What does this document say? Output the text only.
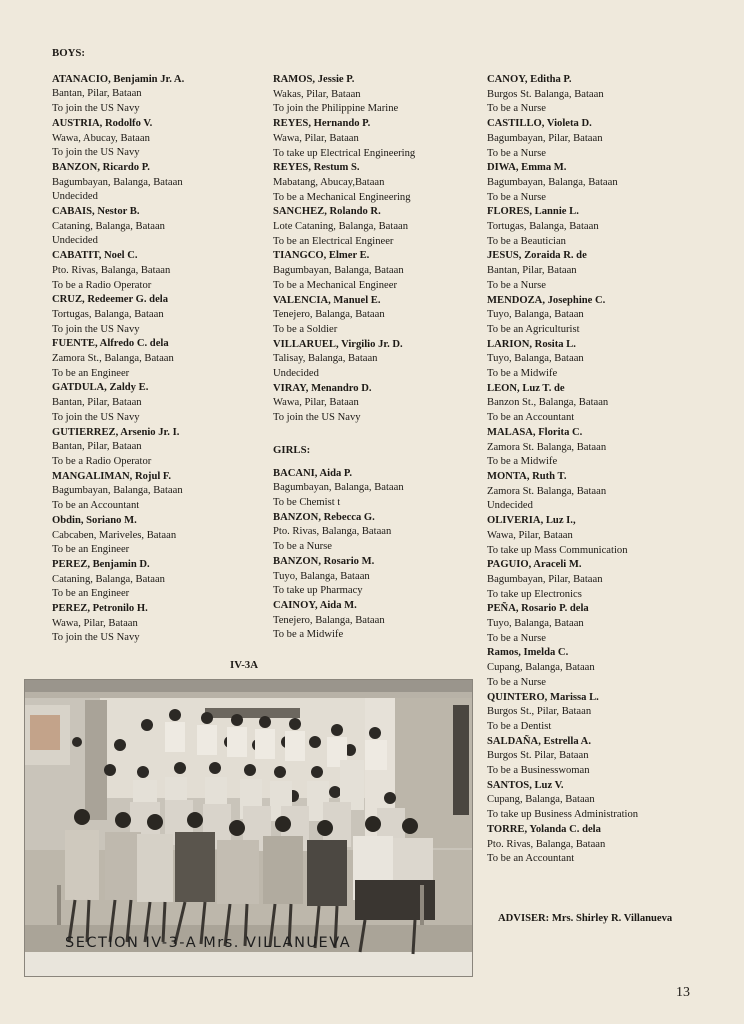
BOYS:
ATANACIO, Benjamin Jr. A.
Bantan, Pilar, Bataan
To join the US Navy
AUSTRIA, Rodolfo V.
Wawa, Abucay, Bataan
To join the US Navy
BANZON, Ricardo P.
Bagumbayan, Balanga, Bataan
Undecided
CABAIS, Nestor B.
Cataning, Balanga, Bataan
Undecided
CABATIT, Noel C.
Pto. Rivas, Balanga, Bataan
To be a Radio Operator
CRUZ, Redeemer G. dela
Tortugas, Balanga, Bataan
To join the US Navy
FUENTE, Alfredo C. dela
Zamora St., Balanga, Bataan
To be an Engineer
GATDULA, Zaldy E.
Bantan, Pilar, Bataan
To join the US Navy
GUTIERREZ, Arsenio Jr. I.
Bantan, Pilar, Bataan
To be a Radio Operator
MANGALIMAN, Rojul F.
Bagumbayan, Balanga, Bataan
To be an Accountant
Obdin, Soriano M.
Cabcaben, Mariveles, Bataan
To be an Engineer
PEREZ, Benjamin D.
Cataning, Balanga, Bataan
To be an Engineer
PEREZ, Petronilo H.
Wawa, Pilar, Bataan
To join the US Navy
RAMOS, Jessie P.
Wakas, Pilar, Bataan
To join the Philippine Marine
REYES, Hernando P.
Wawa, Pilar, Bataan
To take up Electrical Engineering
REYES, Restum S.
Mabatang, Abucay,Bataan
To be a Mechanical Engineering
SANCHEZ, Rolando R.
Lote Cataning, Balanga, Bataan
To be an Electrical Engineer
TIANGCO, Elmer E.
Bagumbayan, Balanga, Bataan
To be a Mechanical Engineer
VALENCIA, Manuel E.
Tenejero, Balanga, Bataan
To be a Soldier
VILLARUEL, Virgilio Jr. D.
Talisay, Balanga, Bataan
Undecided
VIRAY, Menandro D.
Wawa, Pilar, Bataan
To join the US Navy
GIRLS:
BACANI, Aida P.
Bagumbayan, Balanga, Bataan
To be Chemist t
BANZON, Rebecca G.
Pto. Rivas, Balanga, Bataan
To be a Nurse
BANZON, Rosario M.
Tuyo, Balanga, Bataan
To take up Pharmacy
CAINOY, Aida M.
Tenejero, Balanga, Bataan
To be a Midwife
CANOY, Editha P.
Burgos St. Balanga, Bataan
To be a Nurse
CASTILLO, Violeta D.
Bagumbayan, Pilar, Bataan
To be a Nurse
DIWA, Emma M.
Bagumbayan, Balanga, Bataan
To be a Nurse
FLORES, Lannie L.
Tortugas, Balanga, Bataan
To be a Beautician
JESUS, Zoraida R. de
Bantan, Pilar, Bataan
To be a Nurse
MENDOZA, Josephine C.
Tuyo, Balanga, Bataan
To be an Agriculturist
LARION, Rosita L.
Tuyo, Balanga, Bataan
To be a Midwife
LEON, Luz T. de
Banzon St., Balanga, Bataan
To be an Accountant
MALASA, Florita C.
Zamora St. Balanga, Bataan
To be a Midwife
MONTA, Ruth T.
Zamora St. Balanga, Bataan
Undecided
OLIVERIA, Luz I.,
Wawa, Pilar, Bataan
To take up Mass Communication
PAGUIO, Araceli M.
Bagumbayan, Pilar, Bataan
To take up Electronics
PEÑA, Rosario P. dela
Tuyo, Balanga, Bataan
To be a Nurse
Ramos, Imelda C.
Cupang, Balanga, Bataan
To be a Nurse
QUINTERO, Marissa L.
Burgos St., Pilar, Bataan
To be a Dentist
SALDAÑA, Estrella A.
Burgos St. Pilar, Bataan
To be a Businesswoman
SANTOS, Luz V.
Cupang, Balanga, Bataan
To take up Business Administration
TORRE, Yolanda C. dela
Pto. Rivas, Balanga, Bataan
To be an Accountant
IV-3A
SECTION IV-3-A Mrs. VILLANUEVA
ADVISER: Mrs. Shirley R. Villanueva
13
